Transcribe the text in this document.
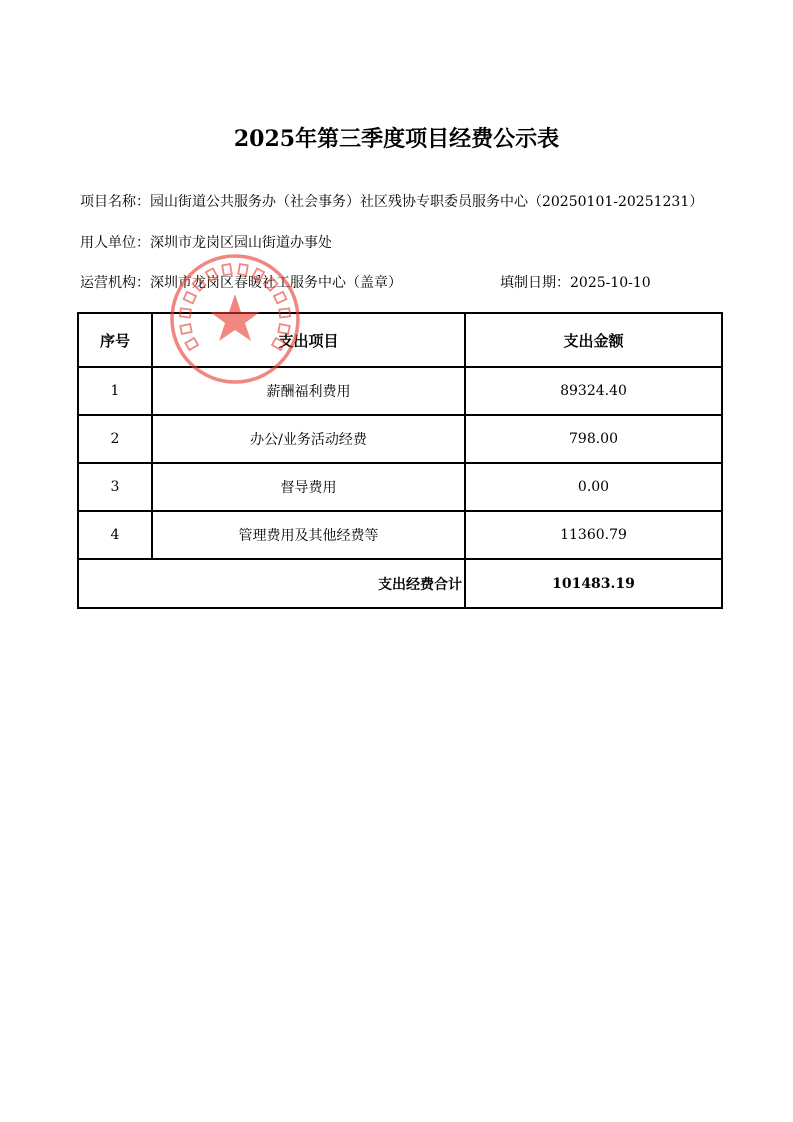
2025年第三季度项目经费公示表
项目名称：园山街道公共服务办（社会事务）社区残协专职委员服务中心（20250101-20251231）
用人单位：深圳市龙岗区园山街道办事处
运营机构：深圳市龙岗区春暖社工服务中心（盖章）	填制日期：2025-10-10
序号	支出项目	支出金额
1	薪酬福利费用	89324.40
2	办公/业务活动经费	798.00
3	督导费用	0.00
4	管理费用及其他经费等	11360.79
支出经费合计		101483.19
